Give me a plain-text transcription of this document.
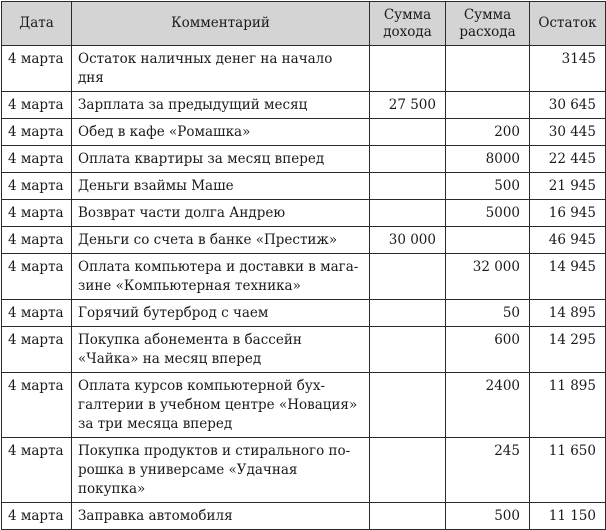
Дата	Комментарий	Сумма дохода	Сумма расхода	Остаток
4 марта	Остаток наличных денег на начало дня			3145
4 марта	Зарплата за предыдущий месяц	27 500		30 645
4 марта	Обед в кафе «Ромашка»		200	30 445
4 марта	Оплата квартиры за месяц вперед		8000	22 445
4 марта	Деньги взаймы Маше		500	21 945
4 марта	Возврат части долга Андрею		5000	16 945
4 марта	Деньги со счета в банке «Престиж»	30 000		46 945
4 марта	Оплата компьютера и доставки в мага- зине «Компьютерная техника»		32 000	14 945
4 марта	Горячий бутерброд с чаем		50	14 895
4 марта	Покупка абонемента в бассейн «Чайка» на месяц вперед		600	14 295
4 марта	Оплата курсов компьютерной бух- галтерии в учебном центре «Новация» за три месяца вперед		2400	11 895
4 марта	Покупка продуктов и стирального по- рошка в универсаме «Удачная покупка»		245	11 650
4 марта	Заправка автомобиля		500	11 150
